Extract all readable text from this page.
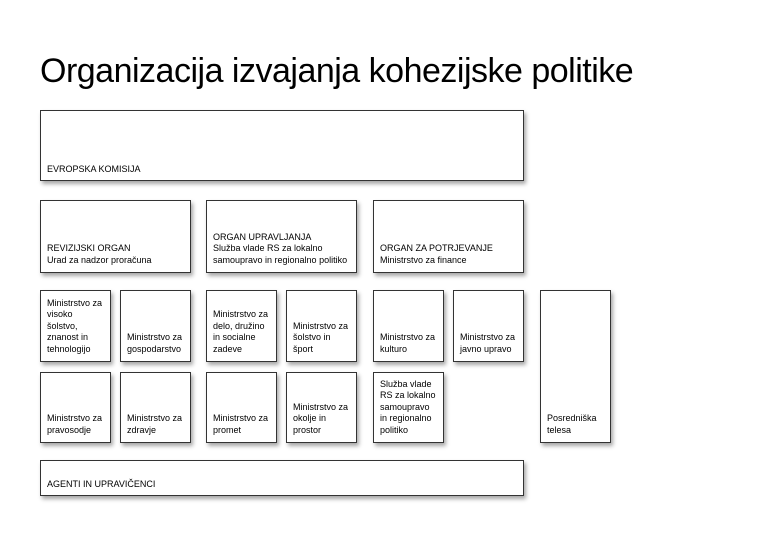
Organizacija izvajanja kohezijske politike
EVROPSKA KOMISIJA
REVIZIJSKI ORGAN
Urad za nadzor proračuna
ORGAN UPRAVLJANJA
Služba vlade RS za lokalno samoupravo in regionalno politiko
ORGAN ZA POTRJEVANJE
Ministrstvo za finance
Ministrstvo za visoko šolstvo, znanost in tehnologijo
Ministrstvo za gospodarstvo
Ministrstvo za delo, družino in socialne zadeve
Ministrstvo za šolstvo in šport
Ministrstvo za kulturo
Ministrstvo za javno upravo
Posredniška telesa
Ministrstvo za pravosodje
Ministrstvo za zdravje
Ministrstvo za promet
Ministrstvo za okolje in prostor
Služba vlade RS za lokalno samoupravo in regionalno politiko
AGENTI IN UPRAVIČENCI
